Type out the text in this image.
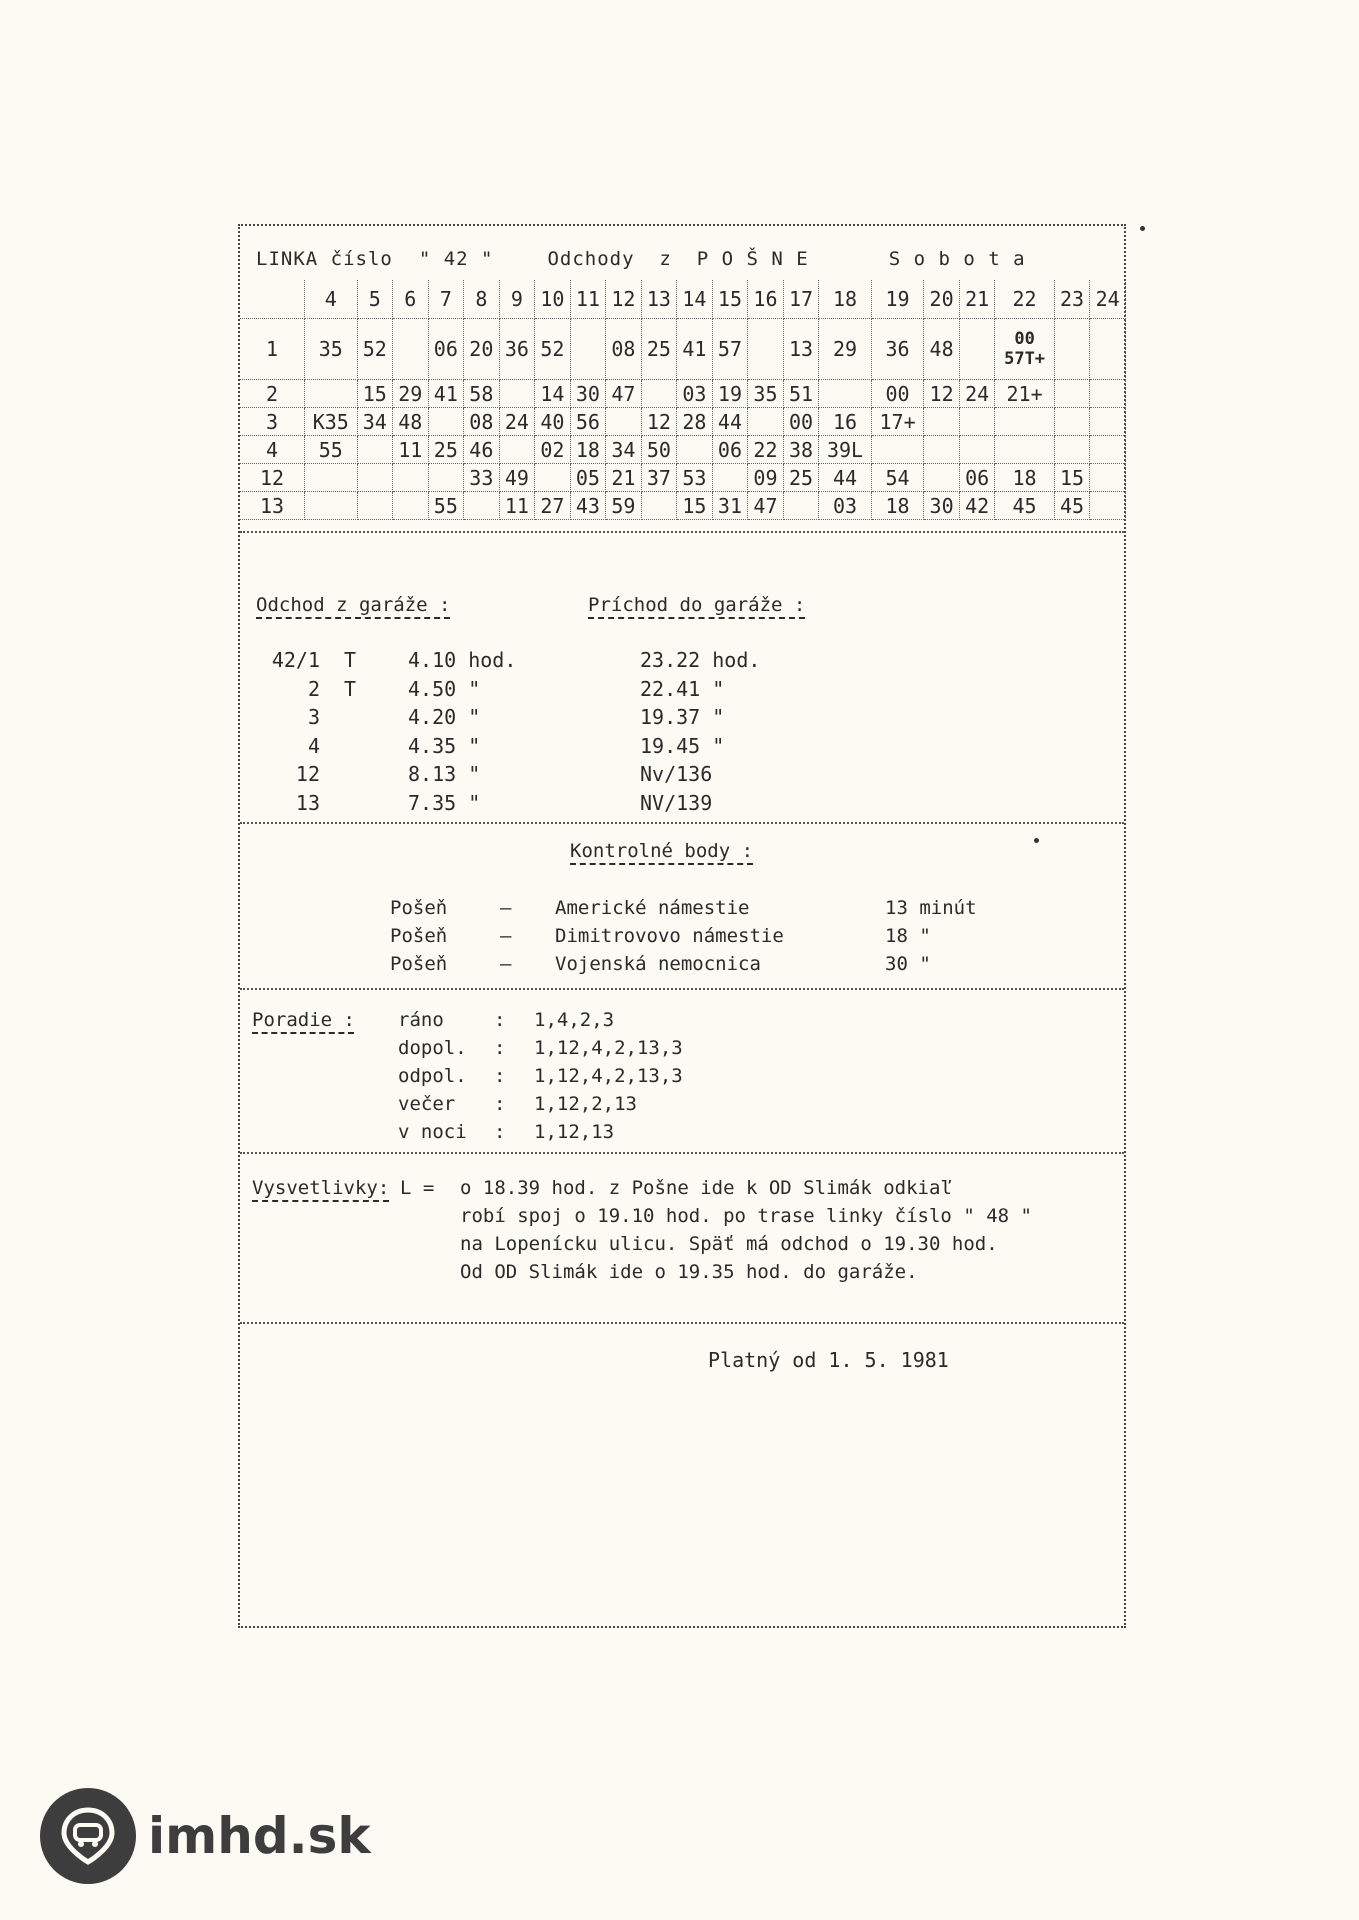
LINKA číslo " 42 "	Odchody  z  P O Š N E	S o b o t a
	4	5	6	7	8	9	10	11	12	13	14	15	16	17	18	19	20	21	22	23	24
1	35	52		06	20	36	52		08	25	41	57		13	29	36	48		00
57T+		
2		15	29	41	58		14	30	47		03	19	35	51		00	12	24	21+		
3	K35	34	48		08	24	40	56		12	28	44		00	16	17+					
4	55		11	25	46		02	18	34	50		06	22	38	39L						
12					33	49		05	21	37	53		09	25	44	54		06	18	15	
13				55		11	27	43	59		15	31	47		03	18	30	42	45	45	
Odchod z garáže :	Príchod do garáže :
42/1	T	4.10 hod.	23.22 hod.
2	T	4.50 "	22.41 "
3	4.20 "	19.37 "
4	4.35 "	19.45 "
12	8.13 "	Nv/136
13	7.35 "	NV/139
Kontrolné body :
Pošeň	–	Americké námestie	13 minút
Pošeň	–	Dimitrovovo námestie	18 "
Pošeň	–	Vojenská nemocnica	30 "
Poradie :	ráno	:	1,4,2,3
dopol.	:	1,12,4,2,13,3
odpol.	:	1,12,4,2,13,3
večer	:	1,12,2,13
v noci	:	1,12,13
Vysvetlivky: L =	o 18.39 hod. z Pošne ide k OD Slimák odkiaľ
robí spoj o 19.10 hod. po trase linky číslo " 48 "
na Lopenícku ulicu. Späť má odchod o 19.30 hod.
Od OD Slimák ide o 19.35 hod. do garáže.
Platný od 1. 5. 1981
imhd.sk
